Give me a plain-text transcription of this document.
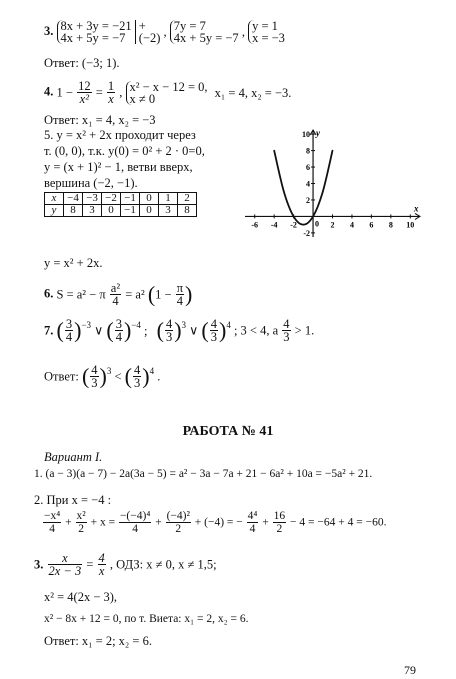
3. 8x + 3y = −21
4x + 5y = −7

+
(−2) , 7y = 7
4x + 5y = −7 , y = 1
x = −3
Ответ: (−3; 1).
4. $1 - \frac{12}{\text{x²}} = \frac{1}{x}$ , x² − x − 12 = 0,
x ≠ 0	x₁ = 4, x₂ = −3.
Ответ: x₁ = 4, x₂ = −3
5. y = x² + 2x проходит через
т. (0, 0), т.к. y(0) = 0² + 2 · 0=0,
y = (x + 1)² − 1, ветви вверх,
вершина (−2, −1).
x	−4	−3	−2	−1	0	1	2
y	8	3	0	−1	0	3	8
-6 -4 -2	2 4 6 8 10
10
8
6
4
2
-2
0
x
y
y = x² + 2x.
6. S = a² − π $\frac{\text{a²}}{4} = a^2$ ($1 - \frac{\pi}{4}$ )
7. ( $\frac{3}{4} )^{-3}$ ∨ ( $\frac{3}{4} )^{-4}$ ; ( $\frac{4}{3} )^3$ ∨ ( $\frac{4}{3} )^4$ ; 3 < 4, a $\frac{4}{3} > 1$.
Ответ: ( $\frac{4}{3} )^3$ < ( $\frac{4}{3} )^4$ .
РАБОТА № 41
Вариант I.
1. (a − 3)(a − 7) − 2a(3a − 5) = a² − 3a − 7a + 21 − 6a² + 10a = −5a² + 21.
2. При x = −4 :
$\frac{\text{−x⁴}}{4} + \frac{\text{x²}}{2} + x = \frac{\text{−(−4)⁴}}{4} + \frac{\text{(−4)²}}{2} + (-4)$ = − $\frac{\text{4⁴}}{4} + \frac{16}{2} - 4 = -64 + 4 = -60$.
3. $\frac{x}{2x - 3} = \frac{4}{x}$ , ОДЗ: x ≠ 0, x ≠ 1,5;
x² = 4(2x − 3),
x² − 8x + 12 = 0, по т. Виета: x₁ = 2, x₂ = 6.
Ответ: x₁ = 2; x₂ = 6.
79
